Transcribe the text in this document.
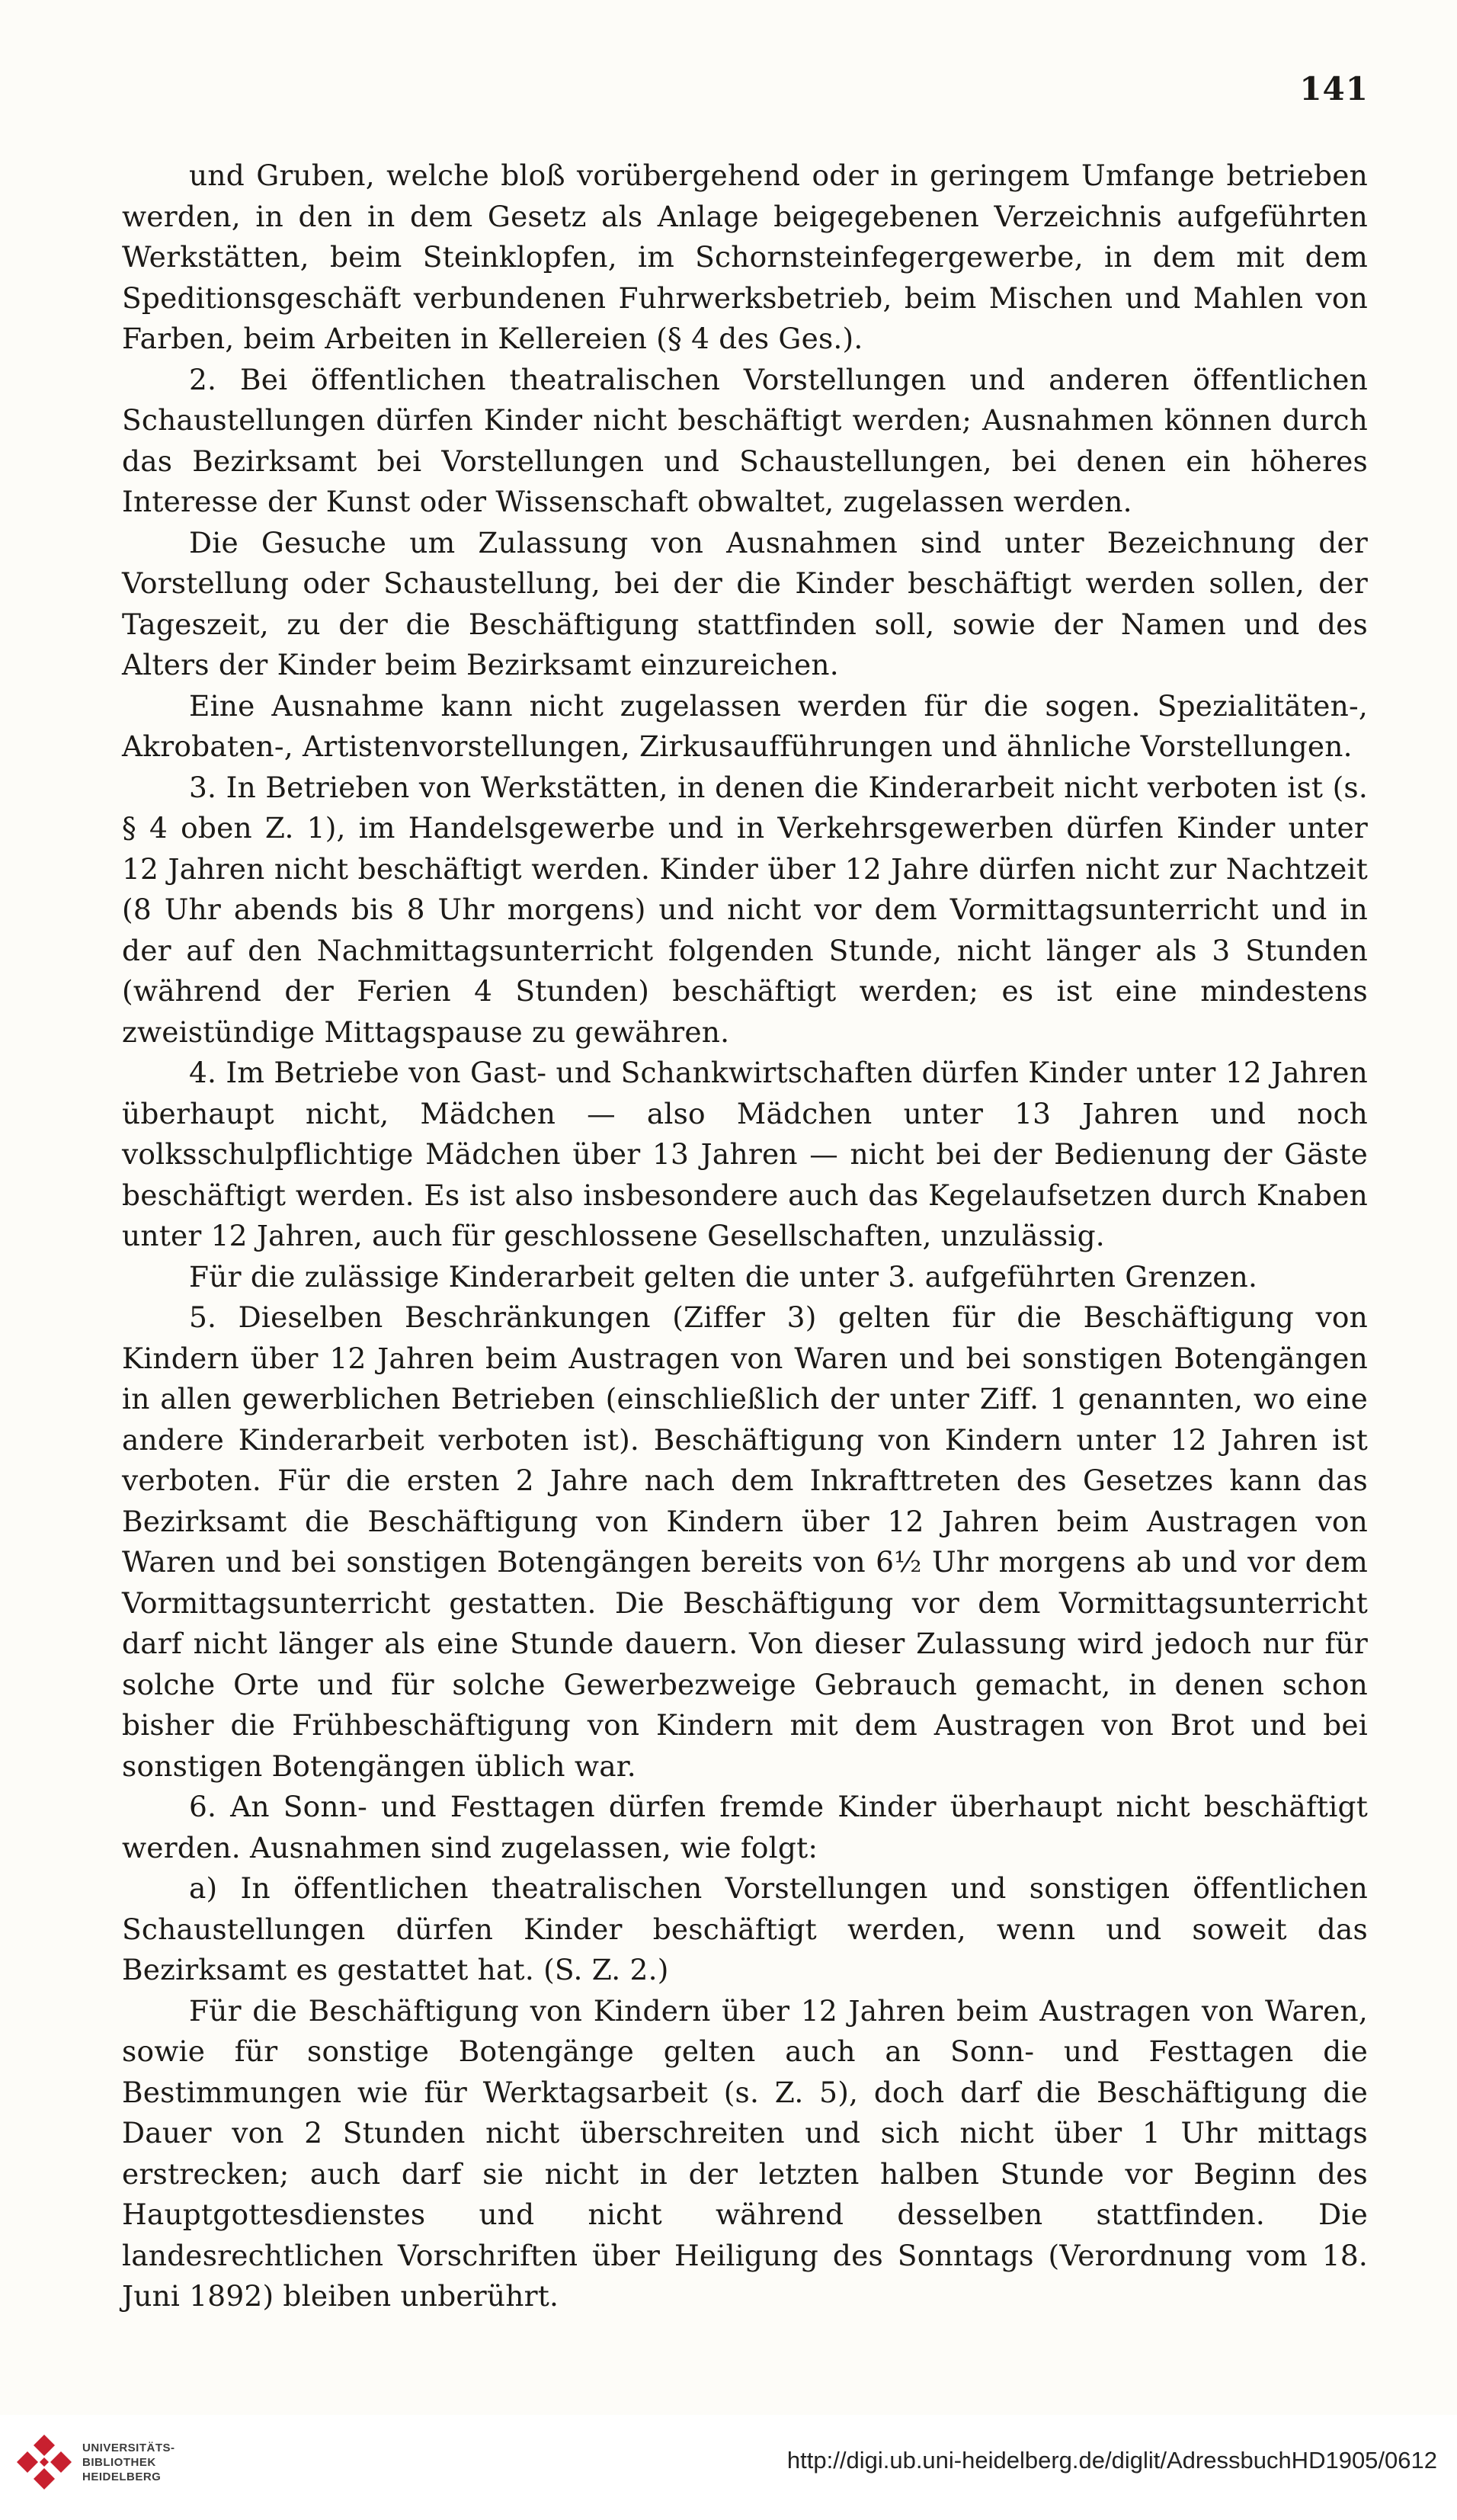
141

und Gruben, welche bloß vorübergehend oder in geringem Umfange betrieben werden, in den in dem Gesetz als Anlage beigegebenen Verzeichnis aufgeführten Werkstätten, beim Steinklopfen, im Schornsteinfegergewerbe, in dem mit dem Speditionsgeschäft verbundenen Fuhrwerksbetrieb, beim Mischen und Mahlen von Farben, beim Arbeiten in Kellereien (§ 4 des Ges.).

2. Bei öffentlichen theatralischen Vorstellungen und anderen öffentlichen Schaustellungen dürfen Kinder nicht beschäftigt werden; Ausnahmen können durch das Bezirksamt bei Vorstellungen und Schaustellungen, bei denen ein höheres Interesse der Kunst oder Wissenschaft obwaltet, zugelassen werden.

Die Gesuche um Zulassung von Ausnahmen sind unter Bezeichnung der Vorstellung oder Schaustellung, bei der die Kinder beschäftigt werden sollen, der Tageszeit, zu der die Beschäftigung stattfinden soll, sowie der Namen und des Alters der Kinder beim Bezirksamt einzureichen.

Eine Ausnahme kann nicht zugelassen werden für die sogen. Spezialitäten-, Akrobaten-, Artistenvorstellungen, Zirkusaufführungen und ähnliche Vorstellungen.

3. In Betrieben von Werkstätten, in denen die Kinderarbeit nicht verboten ist (s. § 4 oben Z. 1), im Handelsgewerbe und in Verkehrsgewerben dürfen Kinder unter 12 Jahren nicht beschäftigt werden. Kinder über 12 Jahre dürfen nicht zur Nachtzeit (8 Uhr abends bis 8 Uhr morgens) und nicht vor dem Vormittagsunterricht und in der auf den Nachmittagsunterricht folgenden Stunde, nicht länger als 3 Stunden (während der Ferien 4 Stunden) beschäftigt werden; es ist eine mindestens zweistündige Mittagspause zu gewähren.

4. Im Betriebe von Gast- und Schankwirtschaften dürfen Kinder unter 12 Jahren überhaupt nicht, Mädchen — also Mädchen unter 13 Jahren und noch volksschulpflichtige Mädchen über 13 Jahren — nicht bei der Bedienung der Gäste beschäftigt werden. Es ist also insbesondere auch das Kegelaufsetzen durch Knaben unter 12 Jahren, auch für geschlossene Gesellschaften, unzulässig.

Für die zulässige Kinderarbeit gelten die unter 3. aufgeführten Grenzen.

5. Dieselben Beschränkungen (Ziffer 3) gelten für die Beschäftigung von Kindern über 12 Jahren beim Austragen von Waren und bei sonstigen Botengängen in allen gewerblichen Betrieben (einschließlich der unter Ziff. 1 genannten, wo eine andere Kinderarbeit verboten ist). Beschäftigung von Kindern unter 12 Jahren ist verboten. Für die ersten 2 Jahre nach dem Inkrafttreten des Gesetzes kann das Bezirksamt die Beschäftigung von Kindern über 12 Jahren beim Austragen von Waren und bei sonstigen Botengängen bereits von 6½ Uhr morgens ab und vor dem Vormittagsunterricht gestatten. Die Beschäftigung vor dem Vormittagsunterricht darf nicht länger als eine Stunde dauern. Von dieser Zulassung wird jedoch nur für solche Orte und für solche Gewerbezweige Gebrauch gemacht, in denen schon bisher die Frühbeschäftigung von Kindern mit dem Austragen von Brot und bei sonstigen Botengängen üblich war.

6. An Sonn- und Festtagen dürfen fremde Kinder überhaupt nicht beschäftigt werden. Ausnahmen sind zugelassen, wie folgt:

a) In öffentlichen theatralischen Vorstellungen und sonstigen öffentlichen Schaustellungen dürfen Kinder beschäftigt werden, wenn und soweit das Bezirksamt es gestattet hat. (S. Z. 2.)

Für die Beschäftigung von Kindern über 12 Jahren beim Austragen von Waren, sowie für sonstige Botengänge gelten auch an Sonn- und Festtagen die Bestimmungen wie für Werktagsarbeit (s. Z. 5), doch darf die Beschäftigung die Dauer von 2 Stunden nicht überschreiten und sich nicht über 1 Uhr mittags erstrecken; auch darf sie nicht in der letzten halben Stunde vor Beginn des Hauptgottesdienstes und nicht während desselben stattfinden. Die landesrechtlichen Vorschriften über Heiligung des Sonntags (Verordnung vom 18. Juni 1892) bleiben unberührt.

UNIVERSITÄTS-
BIBLIOTHEK
HEIDELBERG
http://digi.ub.uni-heidelberg.de/diglit/AdressbuchHD1905/0612
